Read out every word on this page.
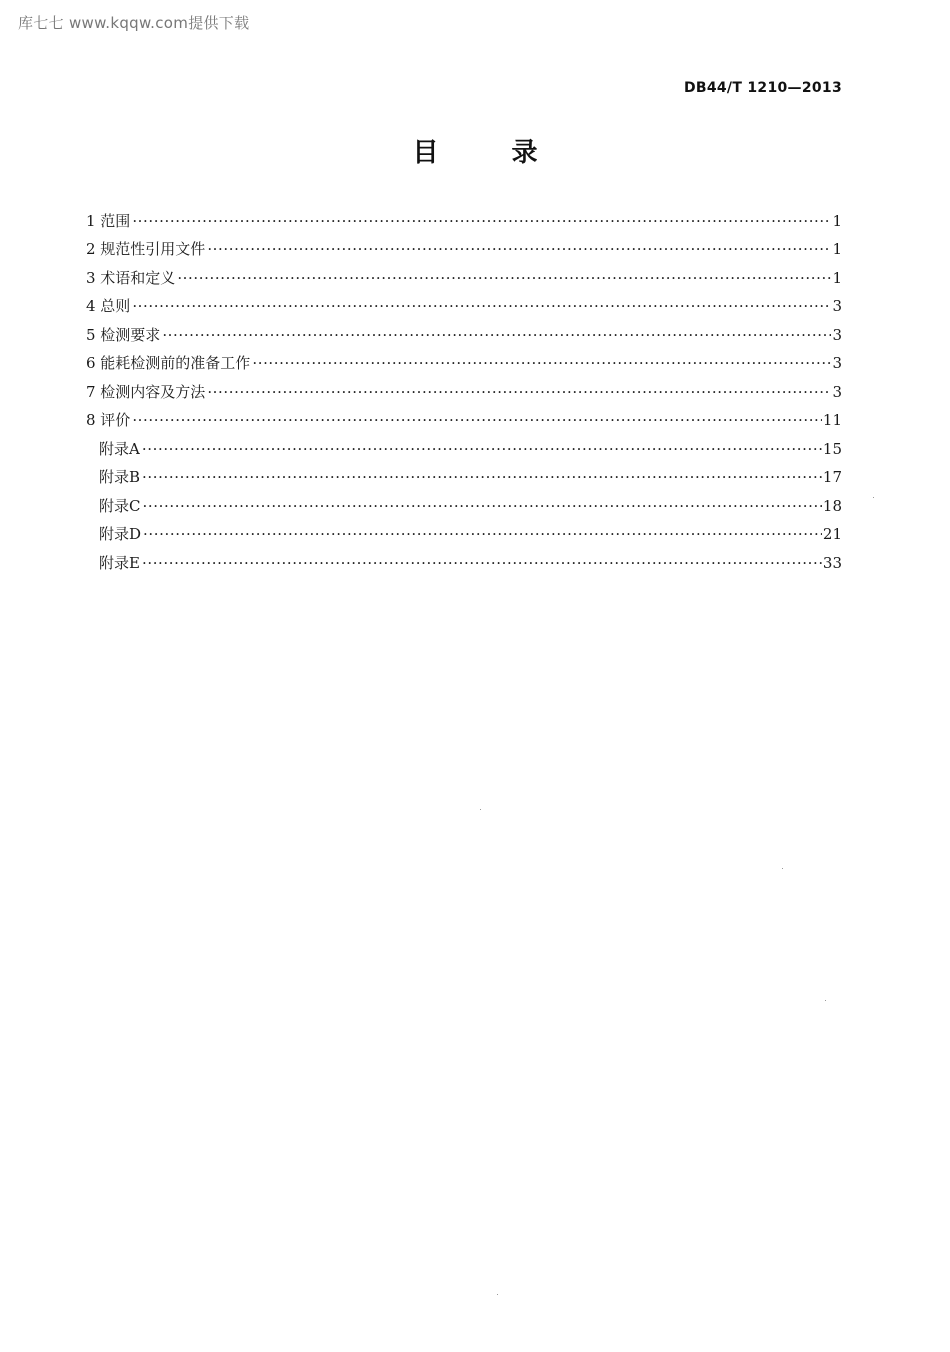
库七七 www.kqqw.com提供下载
DB44/T 1210—2013
目 录
1 范围 ·····	1
2 规范性引用文件 ·····	1
3 术语和定义 ·····	1
4 总则 ·····	3
5 检测要求 ·····	3
6 能耗检测前的准备工作 ·····	3
7 检测内容及方法 ·····	3
8 评价 ·····	11
附录A ·····	15
附录B ·····	17
附录C ·····	18
附录D ·····	21
附录E ·····	33
